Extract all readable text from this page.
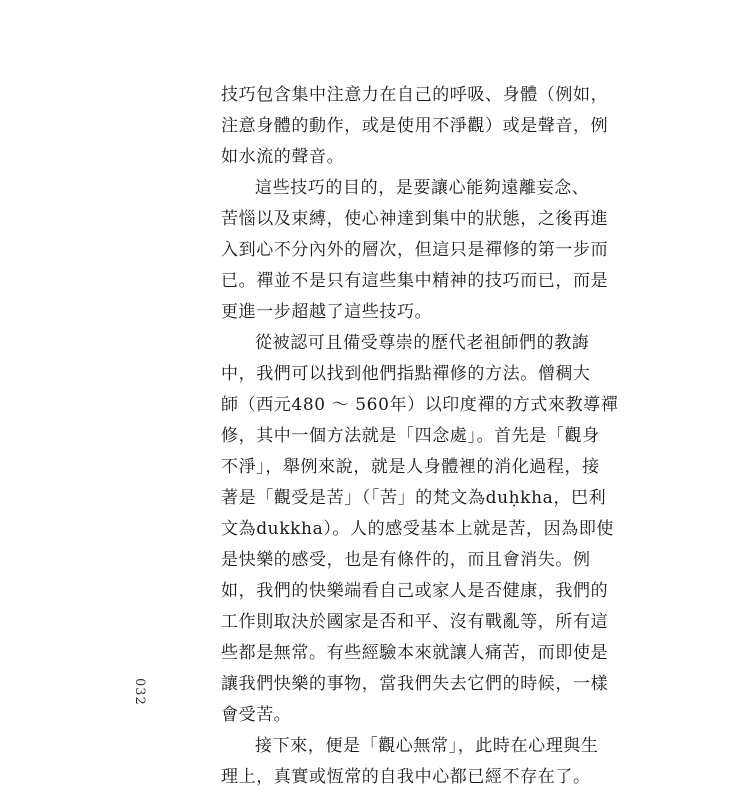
技巧包含集中注意力在自己的呼吸、身體（例如，
注意身體的動作，或是使用不淨觀）或是聲音，例
如水流的聲音。
這些技巧的目的，是要讓心能夠遠離妄念、
苦惱以及束縛，使心神達到集中的狀態，之後再進
入到心不分內外的層次，但這只是禪修的第一步而
已。禪並不是只有這些集中精神的技巧而已，而是
更進一步超越了這些技巧。
從被認可且備受尊崇的歷代老祖師們的教誨
中，我們可以找到他們指點禪修的方法。僧稠大
師（西元480 ～ 560年）以印度禪的方式來教導禪
修，其中一個方法就是「四念處」。首先是「觀身
不淨」，舉例來說，就是人身體裡的消化過程，接
著是「觀受是苦」（「苦」的梵文為duḥkha，巴利
文為dukkha）。人的感受基本上就是苦，因為即使
是快樂的感受，也是有條件的，而且會消失。例
如，我們的快樂端看自己或家人是否健康，我們的
工作則取決於國家是否和平、沒有戰亂等，所有這
些都是無常。有些經驗本來就讓人痛苦，而即使是
讓我們快樂的事物，當我們失去它們的時候，一樣
會受苦。
接下來，便是「觀心無常」，此時在心理與生
理上，真實或恆常的自我中心都已經不存在了。
032
